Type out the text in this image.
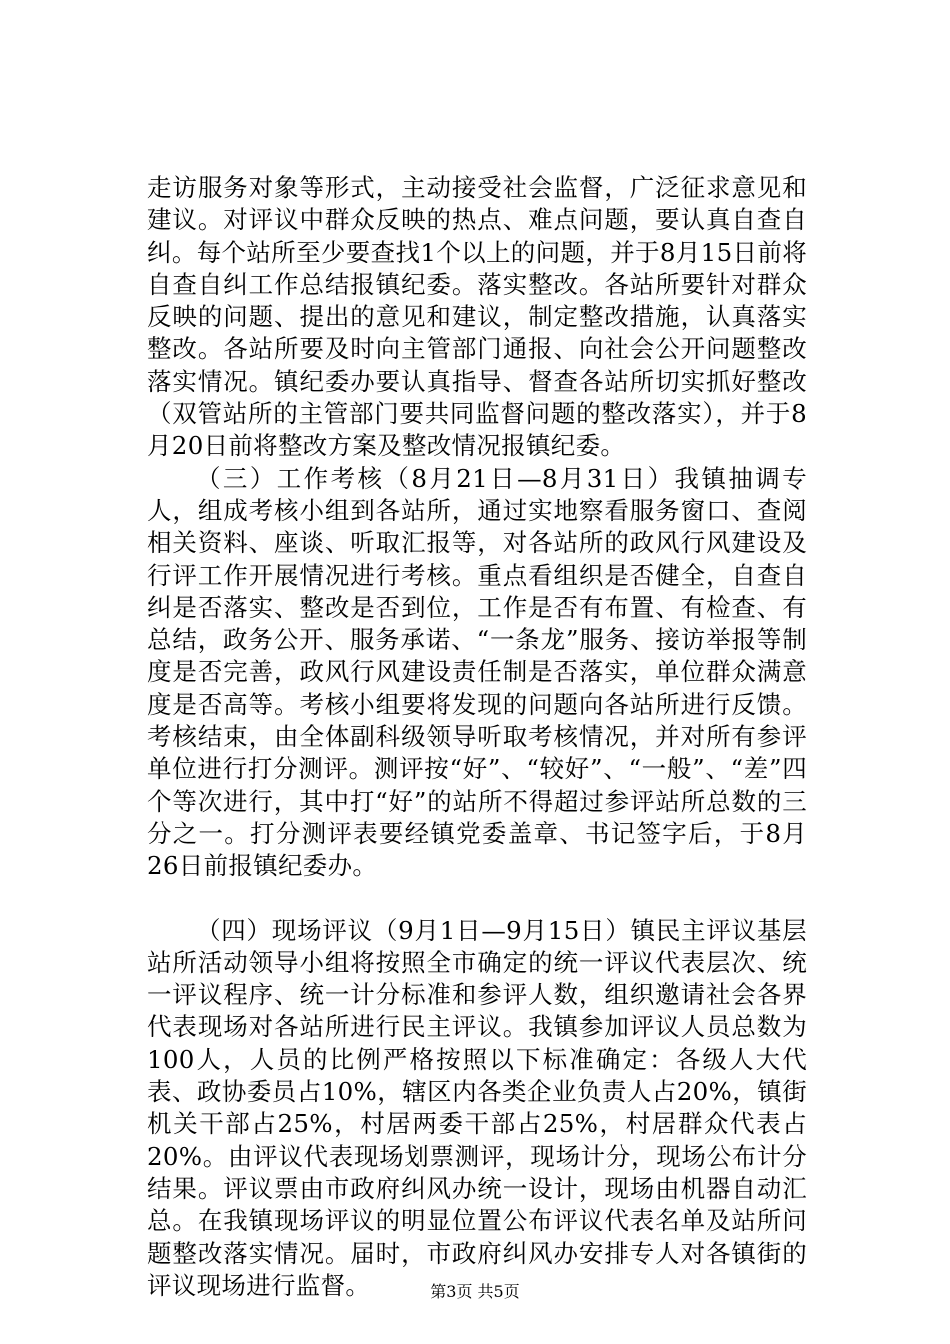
走访服务对象等形式，主动接受社会监督，广泛征求意见和建议。对评议中群众反映的热点、难点问题，要认真自查自纠。每个站所至少要查找1个以上的问题，并于8月15日前将自查自纠工作总结报镇纪委。落实整改。各站所要针对群众反映的问题、提出的意见和建议，制定整改措施，认真落实整改。各站所要及时向主管部门通报、向社会公开问题整改落实情况。镇纪委办要认真指导、督查各站所切实抓好整改（双管站所的主管部门要共同监督问题的整改落实），并于8月20日前将整改方案及整改情况报镇纪委。

（三）工作考核（8月21日—8月31日）我镇抽调专人，组成考核小组到各站所，通过实地察看服务窗口、查阅相关资料、座谈、听取汇报等，对各站所的政风行风建设及行评工作开展情况进行考核。重点看组织是否健全，自查自纠是否落实、整改是否到位，工作是否有布置、有检查、有总结，政务公开、服务承诺、“一条龙”服务、接访举报等制度是否完善，政风行风建设责任制是否落实，单位群众满意度是否高等。考核小组要将发现的问题向各站所进行反馈。考核结束，由全体副科级领导听取考核情况，并对所有参评单位进行打分测评。测评按“好”、“较好”、“一般”、“差”四个等次进行，其中打“好”的站所不得超过参评站所总数的三分之一。打分测评表要经镇党委盖章、书记签字后，于8月26日前报镇纪委办。

（四）现场评议（9月1日—9月15日）镇民主评议基层站所活动领导小组将按照全市确定的统一评议代表层次、统一评议程序、统一计分标准和参评人数，组织邀请社会各界代表现场对各站所进行民主评议。我镇参加评议人员总数为100人，人员的比例严格按照以下标准确定：各级人大代表、政协委员占10%，辖区内各类企业负责人占20%，镇街机关干部占25%，村居两委干部占25%，村居群众代表占20%。由评议代表现场划票测评，现场计分，现场公布计分结果。评议票由市政府纠风办统一设计，现场由机器自动汇总。在我镇现场评议的明显位置公布评议代表名单及站所问题整改落实情况。届时，市政府纠风办安排专人对各镇街的评议现场进行监督。	第3页 共5页
